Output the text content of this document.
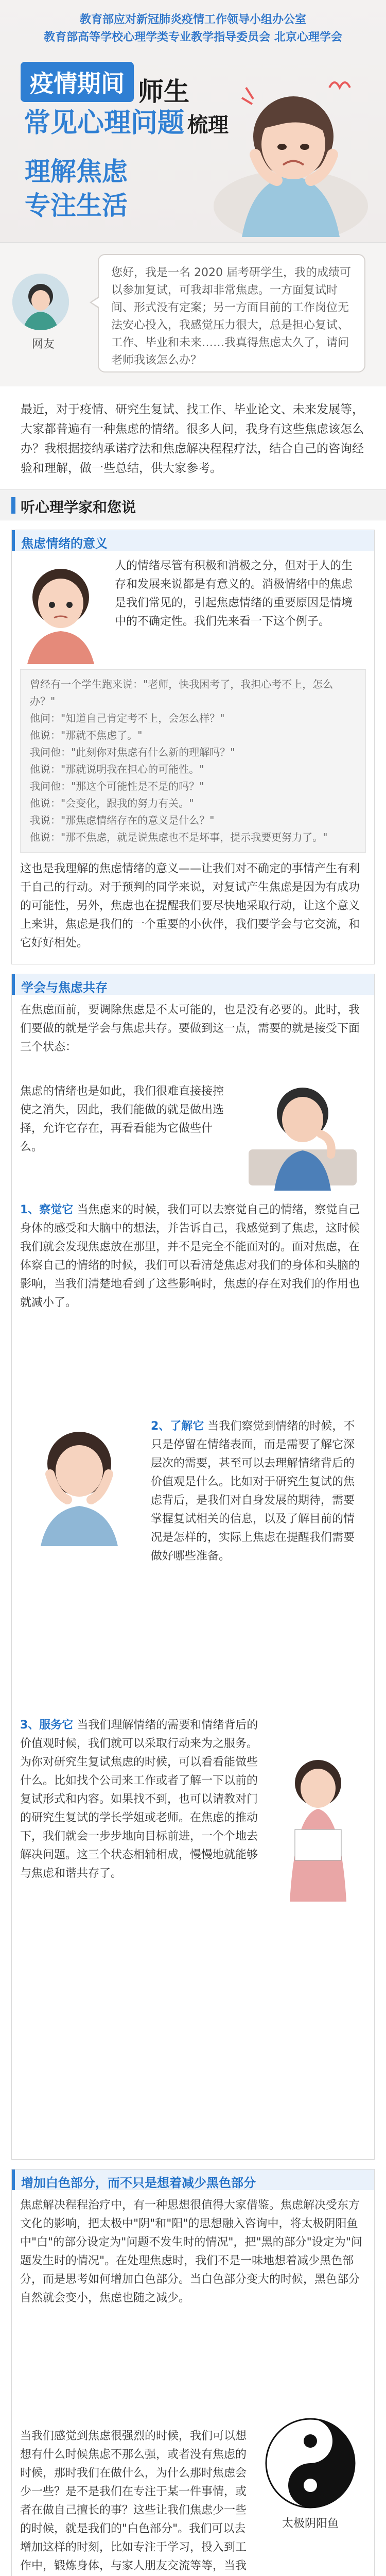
教育部应对新冠肺炎疫情工作领导小组办公室
教育部高等学校心理学类专业教学指导委员会 北京心理学会
疫情期间 师生
常见心理问题 梳理
理解焦虑
专注生活
网友
您好，我是一名 2020 届考研学生，我的成绩可以参加复试，可我却非常焦虑。一方面复试时间、形式没有定案；另一方面目前的工作岗位无法安心投入，我感觉压力很大，总是担心复试、工作、毕业和未来……我真得焦虑太久了，请问老师我该怎么办？
最近，对于疫情、研究生复试、找工作、毕业论文、未来发展等，大家都普遍有一种焦虑的情绪。很多人问，我身有这些焦虑该怎么办？我根据接纳承诺疗法和焦虑解决程程疗法，结合自己的咨询经验和理解，做一些总结，供大家参考。
听心理学家和您说
焦虑情绪的意义
人的情绪尽管有积极和消极之分，但对于人的生存和发展来说都是有意义的。消极情绪中的焦虑是我们常见的，引起焦虑情绪的重要原因是情境中的不确定性。我们先来看一下这个例子。
曾经有一个学生跑来说："老师，快我困考了，我担心考不上，怎么办？"
他问："知道自己肯定考不上，会怎么样？"
他说："那就不焦虑了。"
我问他："此刻你对焦虑有什么新的理解吗？"
他说："那就说明我在担心的可能性。"
我问他："那这个可能性是不是的吗？"
他说："会变化，跟我的努力有关。"
我说："那焦虑情绪存在的意义是什么？"
他说："那不焦虑，就是说焦虑也不是坏事，提示我要更努力了。"
这也是我理解的焦虑情绪的意义——让我们对不确定的事情产生有利于自己的行动。对于预判的同学来说，对复试产生焦虑是因为有成功的可能性，另外，焦虑也在提醒我们要尽快地采取行动，让这个意义上来讲，焦虑是我们的一个重要的小伙伴，我们要学会与它交流，和它好好相处。
学会与焦虑共存
在焦虑面前，要调除焦虑是不太可能的，也是没有必要的。此时，我们要做的就是学会与焦虑共存。要做到这一点，需要的就是接受下面三个状态：
焦虑的情绪也是如此，我们很难直接接控使之消失，因此，我们能做的就是做出选择，允许它存在，再看看能为它做些什么。
1、察觉它 当焦虑来的时候，我们可以去察觉自己的情绪，察觉自己身体的感受和大脑中的想法，并告诉自己，我感觉到了焦虑，这时候我们就会发现焦虑放在那里，并不是完全不能面对的。面对焦虑，在体察自己的情绪的时候，我们可以看清楚焦虑对我们的身体和头脑的影响，当我们清楚地看到了这些影响时，焦虑的存在对我们的作用也就减小了。
2、了解它 当我们察觉到情绪的时候，不只是停留在情绪表面，而是需要了解它深层次的需要，甚至可以去理解情绪背后的价值观是什么。比如对于研究生复试的焦虑背后，是我们对自身发展的期待，需要掌握复试相关的信息，以及了解目前的情况是怎样的，实际上焦虑在提醒我们需要做好哪些准备。
3、服务它 当我们理解情绪的需要和情绪背后的价值观时候，我们就可以采取行动来为之服务。为你对研究生复试焦虑的时候，可以看看能做些什么。比如找个公司来工作或者了解一下以前的复试形式和内容。如果找不到，也可以请教对门的研究生复试的学长学姐或老师。在焦虑的推动下，我们就会一步步地向目标前进，一个个地去解决问题。这三个状态相辅相成，慢慢地就能够与焦虑和谐共存了。
增加白色部分，而不只是想着减少黑色部分
焦虑解决程程治疗中，有一种思想很值得大家借鉴。焦虑解决受东方文化的影响，把太极中"阴"和"阳"的思想融入咨询中，将太极阴阳鱼中"白"的部分设定为"问题不发生时的情况"，把"黑的部分"设定为"问题发生时的情况"。在处理焦虑时，我们不是一味地想着减少黑色部分，而是思考如何增加白色部分。当白色部分变大的时候，黑色部分自然就会变小，焦虑也随之减少。
当我们感觉到焦虑很强烈的时候，我们可以想想有什么时候焦虑不那么强，或者没有焦虑的时候，那时我们在做什么，为什么那时焦虑会少一些？是不是我们在专注于某一件事情，或者在做自己擅长的事？这些让我们焦虑少一些的时候，就是我们的"白色部分"。我们可以去增加这样的时刻，比如专注于学习，投入到工作中，锻炼身体，与家人朋友交流等等，当我
太极阴阳鱼
